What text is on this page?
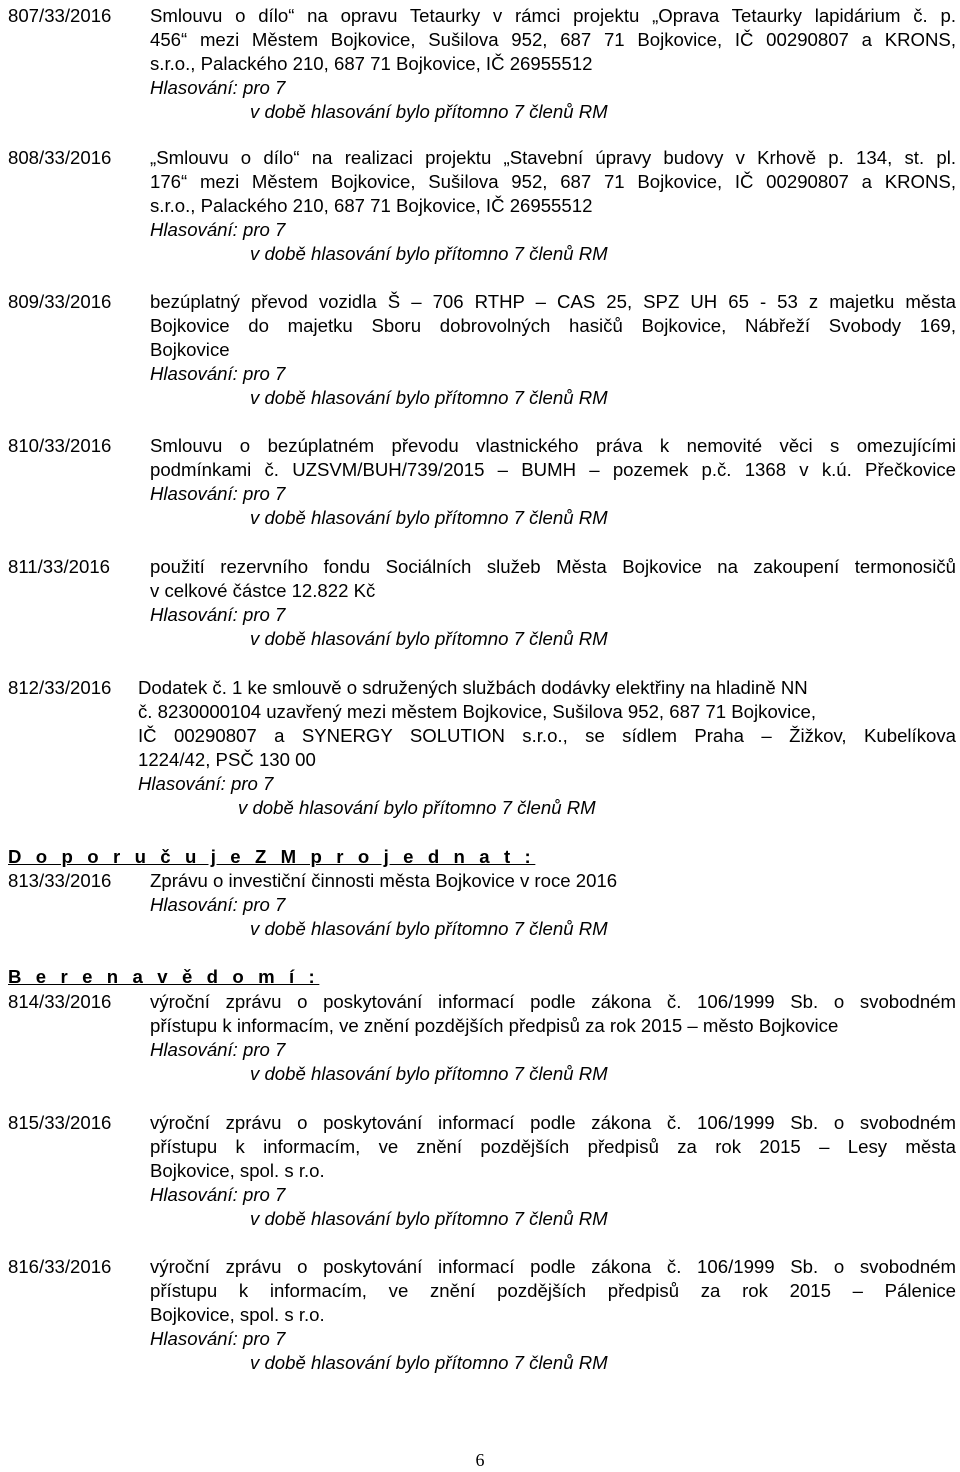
807/33/2016 Smlouvu o dílo“ na opravu Tetaurky v rámci projektu „Oprava Tetaurky lapidárium č. p.
456“ mezi Městem Bojkovice, Sušilova 952, 687 71 Bojkovice, IČ 00290807 a KRONS,
s.r.o., Palackého 210, 687 71 Bojkovice, IČ 26955512
Hlasování: pro 7
v době hlasování bylo přítomno 7 členů RM
808/33/2016 „Smlouvu o dílo“ na realizaci projektu „Stavební úpravy budovy v Krhově p. 134, st. pl.
176“ mezi Městem Bojkovice, Sušilova 952, 687 71 Bojkovice, IČ 00290807 a KRONS,
s.r.o., Palackého 210, 687 71 Bojkovice, IČ 26955512
Hlasování: pro 7
v době hlasování bylo přítomno 7 členů RM
809/33/2016 bezúplatný převod vozidla Š – 706 RTHP – CAS 25, SPZ UH 65 - 53 z majetku města
Bojkovice do majetku Sboru dobrovolných hasičů Bojkovice, Nábřeží Svobody 169,
Bojkovice
Hlasování: pro 7
v době hlasování bylo přítomno 7 členů RM
810/33/2016 Smlouvu o bezúplatném převodu vlastnického práva k nemovité věci s omezujícími
podmínkami č. UZSVM/BUH/739/2015 – BUMH – pozemek p.č. 1368 v k.ú. Přečkovice
Hlasování: pro 7
v době hlasování bylo přítomno 7 členů RM
811/33/2016 použití rezervního fondu Sociálních služeb Města Bojkovice na zakoupení termonosičů
v celkové částce 12.822 Kč
Hlasování: pro 7
v době hlasování bylo přítomno 7 členů RM
812/33/2016 Dodatek č. 1 ke smlouvě o sdružených službách dodávky elektřiny na hladině NN
č. 8230000104 uzavřený mezi městem Bojkovice, Sušilova 952, 687 71 Bojkovice,
IČ 00290807 a SYNERGY SOLUTION s.r.o., se sídlem Praha – Žižkov, Kubelíkova
1224/42, PSČ 130 00
Hlasování: pro 7
v době hlasování bylo přítomno 7 členů RM
D o p o r u č u j e Z M p r o j e d n a t :
813/33/2016 Zprávu o investiční činnosti města Bojkovice v roce 2016
Hlasování: pro 7
v době hlasování bylo přítomno 7 členů RM
B e r e n a v ě d o m í :
814/33/2016 výroční zprávu o poskytování informací podle zákona č. 106/1999 Sb. o svobodném
přístupu k informacím, ve znění pozdějších předpisů za rok 2015 – město Bojkovice
Hlasování: pro 7
v době hlasování bylo přítomno 7 členů RM
815/33/2016 výroční zprávu o poskytování informací podle zákona č. 106/1999 Sb. o svobodném
přístupu k informacím, ve znění pozdějších předpisů za rok 2015 – Lesy města
Bojkovice, spol. s r.o.
Hlasování: pro 7
v době hlasování bylo přítomno 7 členů RM
816/33/2016 výroční zprávu o poskytování informací podle zákona č. 106/1999 Sb. o svobodném
přístupu k informacím, ve znění pozdějších předpisů za rok 2015 – Pálenice
Bojkovice, spol. s r.o.
Hlasování: pro 7
v době hlasování bylo přítomno 7 členů RM
6
